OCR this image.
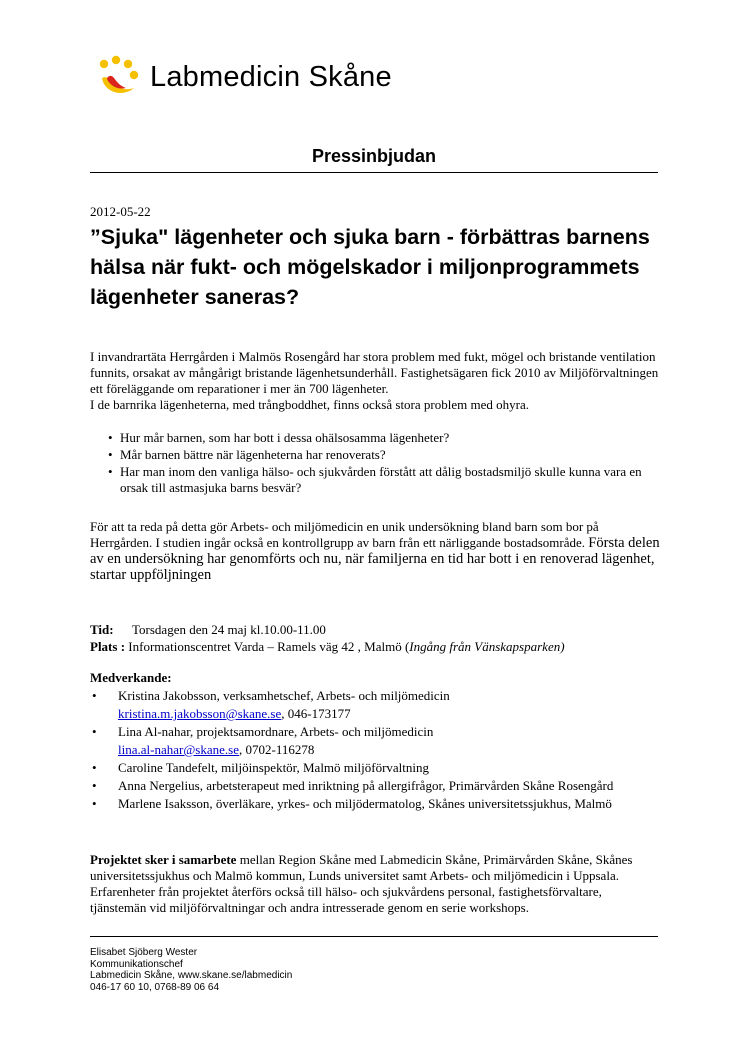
Labmedicin Skåne
Pressinbjudan
2012-05-22
”Sjuka" lägenheter och sjuka barn - förbättras barnens hälsa när fukt- och mögelskador i miljonprogrammets lägenheter saneras?

I invandrartäta Herrgården i Malmös Rosengård har stora problem med fukt, mögel och bristande ventilation funnits, orsakat av mångårigt bristande lägenhetsunderhåll. Fastighetsägaren fick 2010 av Miljöförvaltningen ett föreläggande om reparationer i mer än 700 lägenheter.
I de barnrika lägenheterna, med trångboddhet, finns också stora problem med ohyra.

• Hur mår barnen, som har bott i dessa ohälsosamma lägenheter?
• Mår barnen bättre när lägenheterna har renoverats?
• Har man inom den vanliga hälso- och sjukvården förstått att dålig bostadsmiljö skulle kunna vara en orsak till astmasjuka barns besvär?

För att ta reda på detta gör Arbets- och miljömedicin en unik undersökning bland barn som bor på Herrgården. I studien ingår också en kontrollgrupp av barn från ett närliggande bostadsområde. Första delen av en undersökning har genomförts och nu, när familjerna en tid har bott i en renoverad lägenhet, startar uppföljningen

Tid: Torsdagen den 24 maj kl.10.00-11.00
Plats : Informationscentret Varda – Ramels väg 42 , Malmö (Ingång från Vänskapsparken)
Medverkande:
• Kristina Jakobsson, verksamhetschef, Arbets- och miljömedicin
kristina.m.jakobsson@skane.se, 046-173177
• Lina Al-nahar, projektsamordnare, Arbets- och miljömedicin
lina.al-nahar@skane.se, 0702-116278
• Caroline Tandefelt, miljöinspektör, Malmö miljöförvaltning
• Anna Nergelius, arbetsterapeut med inriktning på allergifrågor, Primärvården Skåne Rosengård
• Marlene Isaksson, överläkare, yrkes- och miljödermatolog, Skånes universitetssjukhus, Malmö

Projektet sker i samarbete mellan Region Skåne med Labmedicin Skåne, Primärvården Skåne, Skånes universitetssjukhus och Malmö kommun, Lunds universitet samt Arbets- och miljömedicin i Uppsala. Erfarenheter från projektet återförs också till hälso- och sjukvårdens personal, fastighetsförvaltare, tjänstemän vid miljöförvaltningar och andra intresserade genom en serie workshops.

Elisabet Sjöberg Wester
Kommunikationschef
Labmedicin Skåne, www.skane.se/labmedicin
046-17 60 10, 0768-89 06 64
